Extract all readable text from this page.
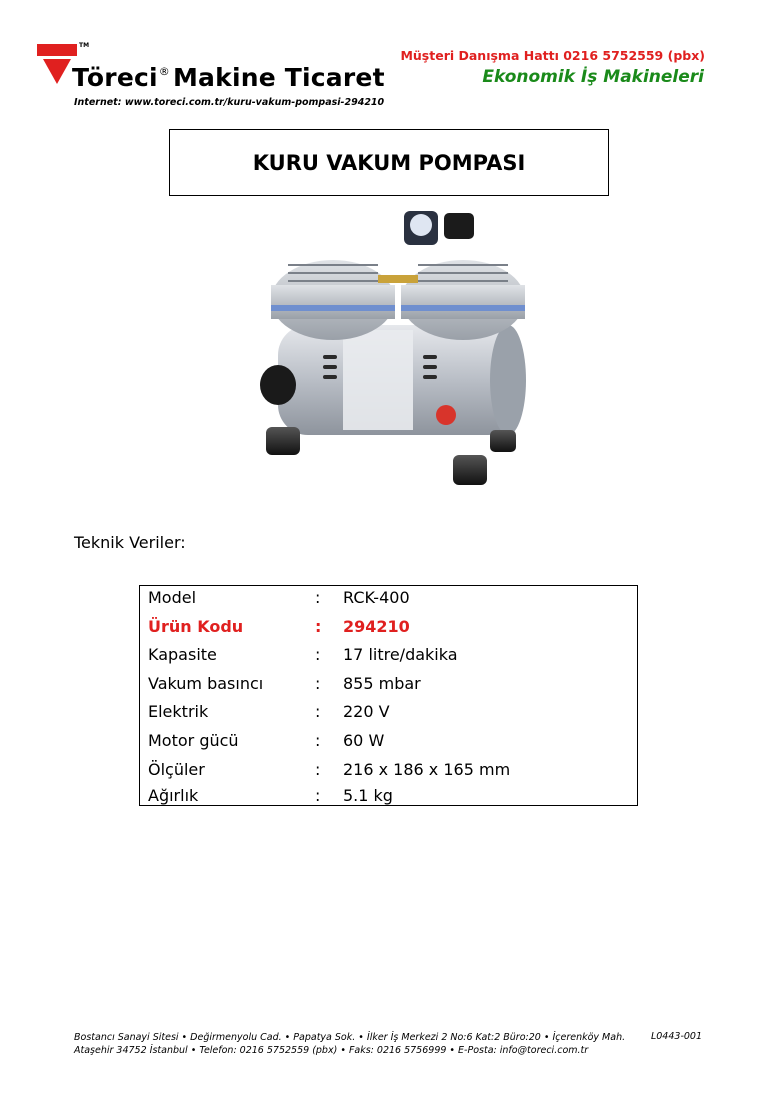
TM
Töreci® Makine Ticaret
Internet: www.toreci.com.tr/kuru-vakum-pompasi-294210
Müşteri Danışma Hattı 0216 5752559 (pbx)
Ekonomik İş Makineleri
KURU VAKUM POMPASI
Teknik Veriler:
Model	: RCK-400
Ürün Kodu	: 294210
Kapasite	: 17 litre/dakika
Vakum basıncı	: 855 mbar
Elektrik	: 220 V
Motor gücü	: 60 W
Ölçüler	: 216 x 186 x 165 mm
Ağırlık	: 5.1 kg
Bostancı Sanayi Sitesi • Değirmenyolu Cad. • Papatya Sok. • İlker İş Merkezi 2 No:6 Kat:2 Büro:20 • İçerenköy Mah.
Ataşehir 34752 İstanbul • Telefon: 0216 5752559 (pbx) • Faks: 0216 5756999 • E-Posta: info@toreci.com.tr
L0443-001
